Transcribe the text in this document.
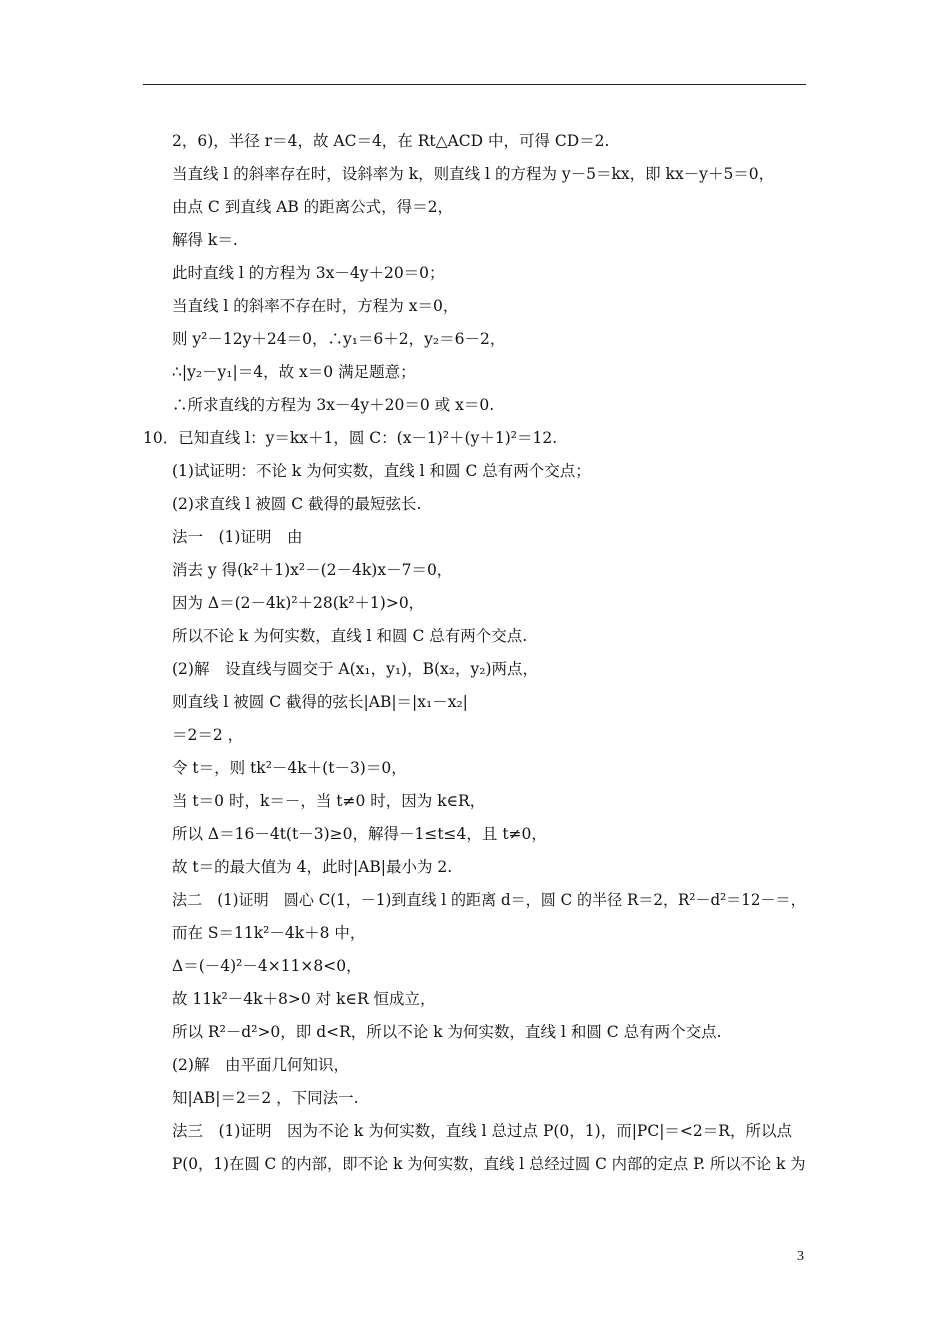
2，6)，半径 r＝4，故 AC＝4，在 Rt△ACD 中，可得 CD＝2.
当直线 l 的斜率存在时，设斜率为 k，则直线 l 的方程为 y－5＝kx，即 kx－y＋5＝0，
由点 C 到直线 AB 的距离公式，得＝2，
解得 k＝.
此时直线 l 的方程为 3x－4y＋20＝0；
当直线 l 的斜率不存在时，方程为 x＝0，
则 y²－12y＋24＝0，∴y₁＝6＋2，y₂＝6－2，
∴|y₂－y₁|＝4，故 x＝0 满足题意；
∴所求直线的方程为 3x－4y＋20＝0 或 x＝0.
10．已知直线 l：y＝kx＋1，圆 C：(x－1)²＋(y＋1)²＝12.
(1)试证明：不论 k 为何实数，直线 l 和圆 C 总有两个交点；
(2)求直线 l 被圆 C 截得的最短弦长.
法一　(1)证明　由
消去 y 得(k²＋1)x²－(2－4k)x－7＝0，
因为 Δ＝(2－4k)²＋28(k²＋1)>0，
所以不论 k 为何实数，直线 l 和圆 C 总有两个交点.
(2)解　设直线与圆交于 A(x₁，y₁)，B(x₂，y₂)两点，
则直线 l 被圆 C 截得的弦长|AB|＝|x₁－x₂|
＝2＝2 ，
令 t＝，则 tk²－4k＋(t－3)＝0，
当 t＝0 时，k＝－，当 t≠0 时，因为 k∈R，
所以 Δ＝16－4t(t－3)≥0，解得－1≤t≤4，且 t≠0，
故 t＝的最大值为 4，此时|AB|最小为 2.
法二　(1)证明　圆心 C(1，－1)到直线 l 的距离 d＝，圆 C 的半径 R＝2，R²－d²＝12－＝，
而在 S＝11k²－4k＋8 中，
Δ＝(－4)²－4×11×8<0，
故 11k²－4k＋8>0 对 k∈R 恒成立，
所以 R²－d²>0，即 d<R，所以不论 k 为何实数，直线 l 和圆 C 总有两个交点.
(2)解　由平面几何知识，
知|AB|＝2＝2 ，下同法一.
法三　(1)证明　因为不论 k 为何实数，直线 l 总过点 P(0，1)，而|PC|＝<2＝R，所以点
P(0，1)在圆 C 的内部，即不论 k 为何实数，直线 l 总经过圆 C 内部的定点 P. 所以不论 k 为
3
